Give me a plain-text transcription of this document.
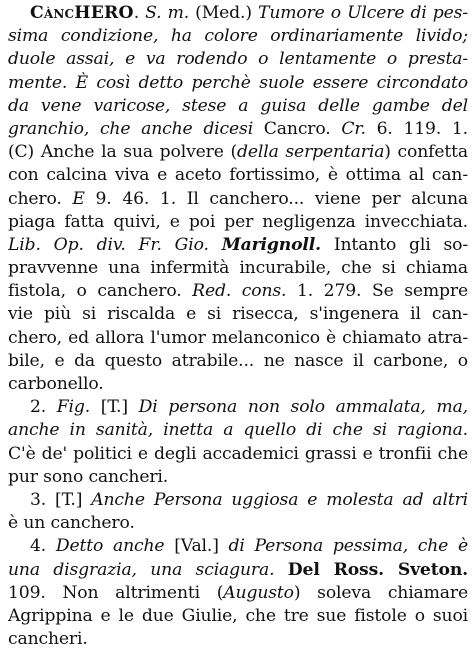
CàncHERO. S. m. (Med.) Tumore o Ulcere di pes-
sima condizione, ha colore ordinariamente livido;
duole assai, e va rodendo o lentamente o presta-
mente. È così detto perchè suole essere circondato
da vene varicose, stese a guisa delle gambe del
granchio, che anche dicesi Cancro. Cr. 6. 119. 1.
(C) Anche la sua polvere (della serpentaria) confetta
con calcina viva e aceto fortissimo, è ottima al can-
chero. E 9. 46. 1. Il canchero... viene per alcuna
piaga fatta quivi, e poi per negligenza invecchiata.
Lib. Op. div. Fr. Gio. Marignoll. Intanto gli so-
pravvenne una infermità incurabile, che si chiama
fistola, o canchero. Red. cons. 1. 279. Se sempre
vie più si riscalda e si risecca, s'ingenera il can-
chero, ed allora l'umor melanconico è chiamato atra-
bile, e da questo atrabile... ne nasce il carbone, o
carbonello.
2. Fig. [T.] Di persona non solo ammalata, ma,
anche in sanità, inetta a quello di che si ragiona.
C'è de' politici e degli accademici grassi e tronfii che
pur sono cancheri.
3. [T.] Anche Persona uggiosa e molesta ad altri
è un canchero.
4. Detto anche [Val.] di Persona pessima, che è
una disgrazia, una sciagura. Del Ross. Sveton.
109. Non altrimenti (Augusto) soleva chiamare
Agrippina e le due Giulie, che tre sue fistole o suoi
cancheri.
